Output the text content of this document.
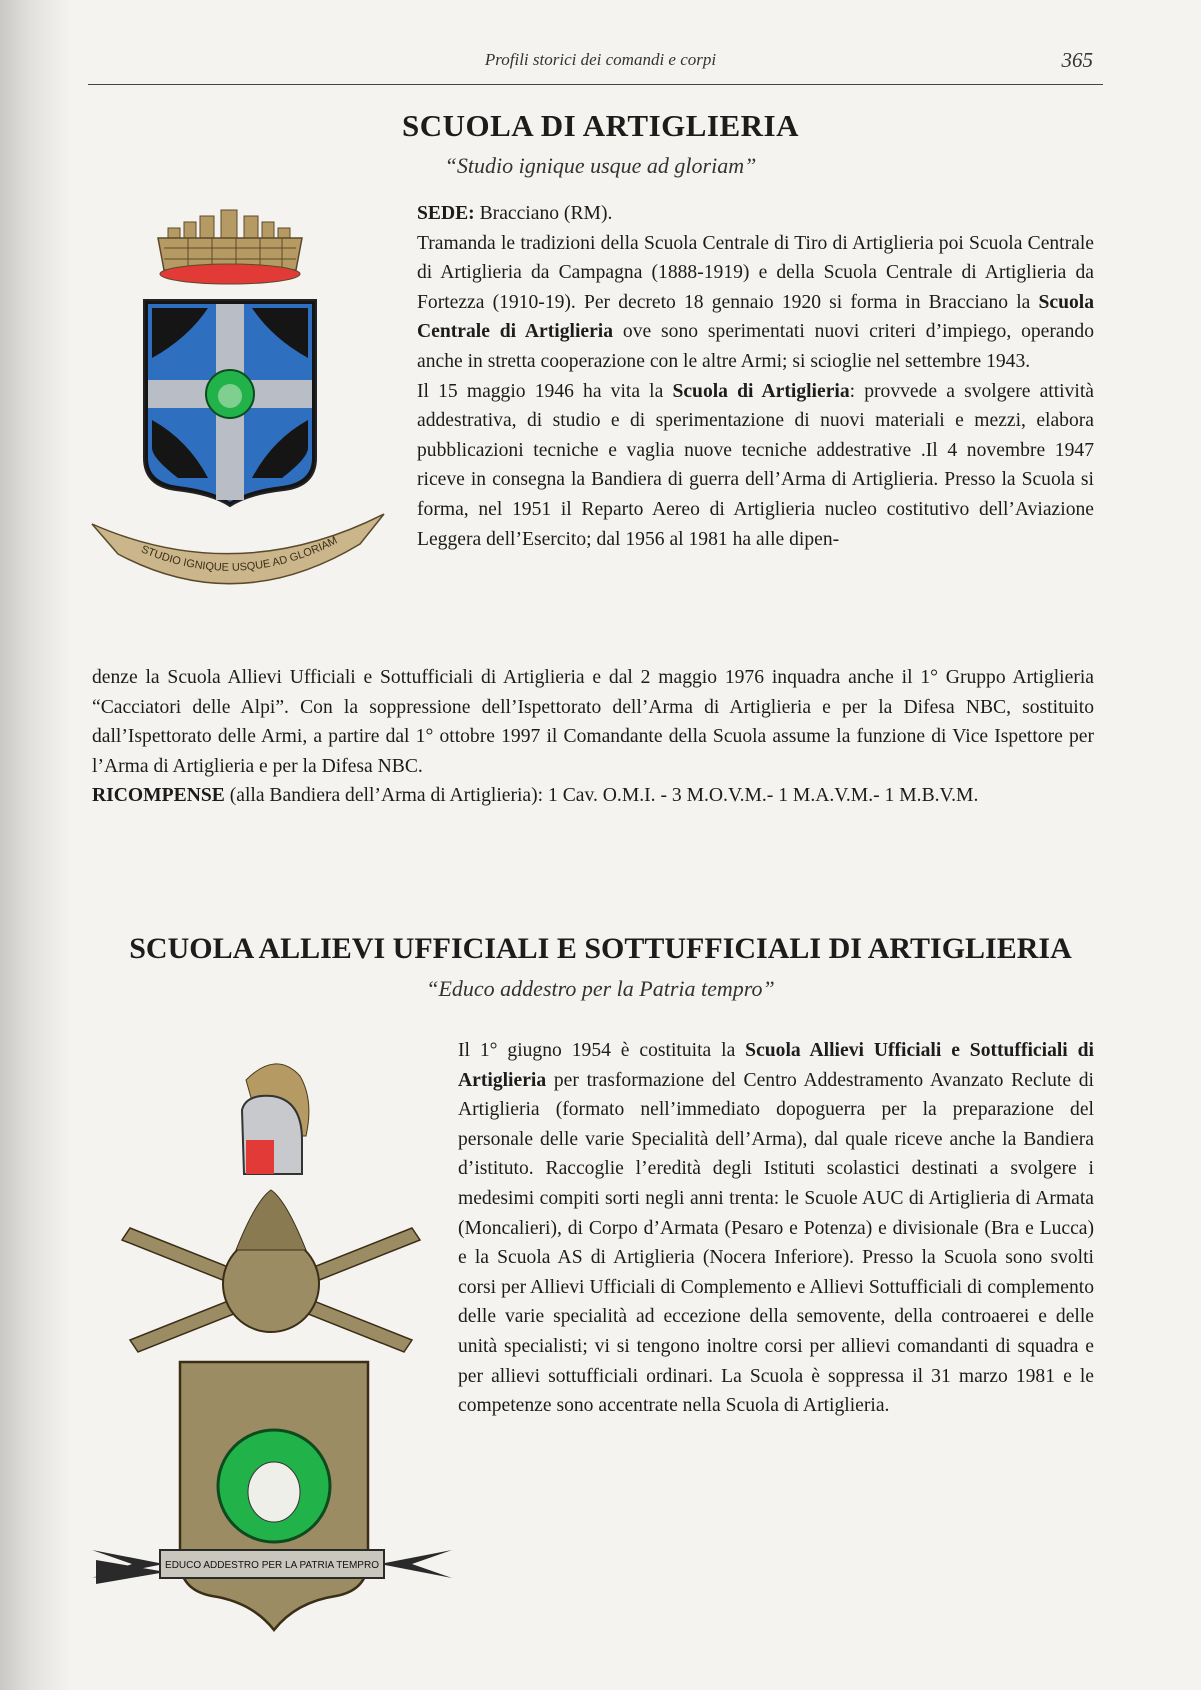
Profili storici dei comandi e corpi	365
SCUOLA DI ARTIGLIERIA
“Studio ignique usque ad gloriam”
STUDIO IGNIQUE USQUE AD GLORIAM

SEDE: Bracciano (RM).
Tramanda le tradizioni della Scuola Centrale di Tiro di Artiglieria poi Scuola Centrale di Artiglieria da Campagna (1888-1919) e della Scuola Centrale di Artiglieria da Fortezza (1910-19). Per decreto 18 gennaio 1920 si forma in Bracciano la Scuola Centrale di Artiglieria ove sono sperimentati nuovi criteri d’impiego, operando anche in stretta cooperazione con le altre Armi; si scioglie nel settembre 1943.
Il 15 maggio 1946 ha vita la Scuola di Artiglieria: provvede a svolgere attività addestrativa, di studio e di sperimentazione di nuovi materiali e mezzi, elabora pubblicazioni tecniche e vaglia nuove tecniche addestrative .Il 4 novembre 1947 riceve in consegna la Bandiera di guerra dell’Arma di Artiglieria. Presso la Scuola si forma, nel 1951 il Reparto Aereo di Artiglieria nucleo costitutivo dell’Aviazione Leggera dell’Esercito; dal 1956 al 1981 ha alle dipen-

denze la Scuola Allievi Ufficiali e Sottufficiali di Artiglieria e dal 2 maggio 1976 inquadra anche il 1° Gruppo Artiglieria “Cacciatori delle Alpi”. Con la soppressione dell’Ispettorato dell’Arma di Artiglieria e per la Difesa NBC, sostituito dall’Ispettorato delle Armi, a partire dal 1° ottobre 1997 il Comandante della Scuola assume la funzione di Vice Ispettore per l’Arma di Artiglieria e per la Difesa NBC.
RICOMPENSE (alla Bandiera dell’Arma di Artiglieria): 1 Cav. O.M.I. - 3 M.O.V.M.- 1 M.A.V.M.- 1 M.B.V.M.

SCUOLA ALLIEVI UFFICIALI E SOTTUFFICIALI DI ARTIGLIERIA
“Educo addestro per la Patria tempro”
EDUCO ADDESTRO PER LA PATRIA TEMPRO

Il 1° giugno 1954 è costituita la Scuola Allievi Ufficiali e Sottufficiali di Artiglieria per trasformazione del Centro Addestramento Avanzato Reclute di Artiglieria (formato nell’immediato dopoguerra per la preparazione del personale delle varie Specialità dell’Arma), dal quale riceve anche la Bandiera d’istituto. Raccoglie l’eredità degli Istituti scolastici destinati a svolgere i medesimi compiti sorti negli anni trenta: le Scuole AUC di Artiglieria di Armata (Moncalieri), di Corpo d’Armata (Pesaro e Potenza) e divisionale (Bra e Lucca) e la Scuola AS di Artiglieria (Nocera Inferiore). Presso la Scuola sono svolti corsi per Allievi Ufficiali di Complemento e Allievi Sottufficiali di complemento delle varie specialità ad eccezione della semovente, della controaerei e delle unità specialisti; vi si tengono inoltre corsi per allievi comandanti di squadra e per allievi sottufficiali ordinari. La Scuola è soppressa il 31 marzo 1981 e le competenze sono accentrate nella Scuola di Artiglieria.
